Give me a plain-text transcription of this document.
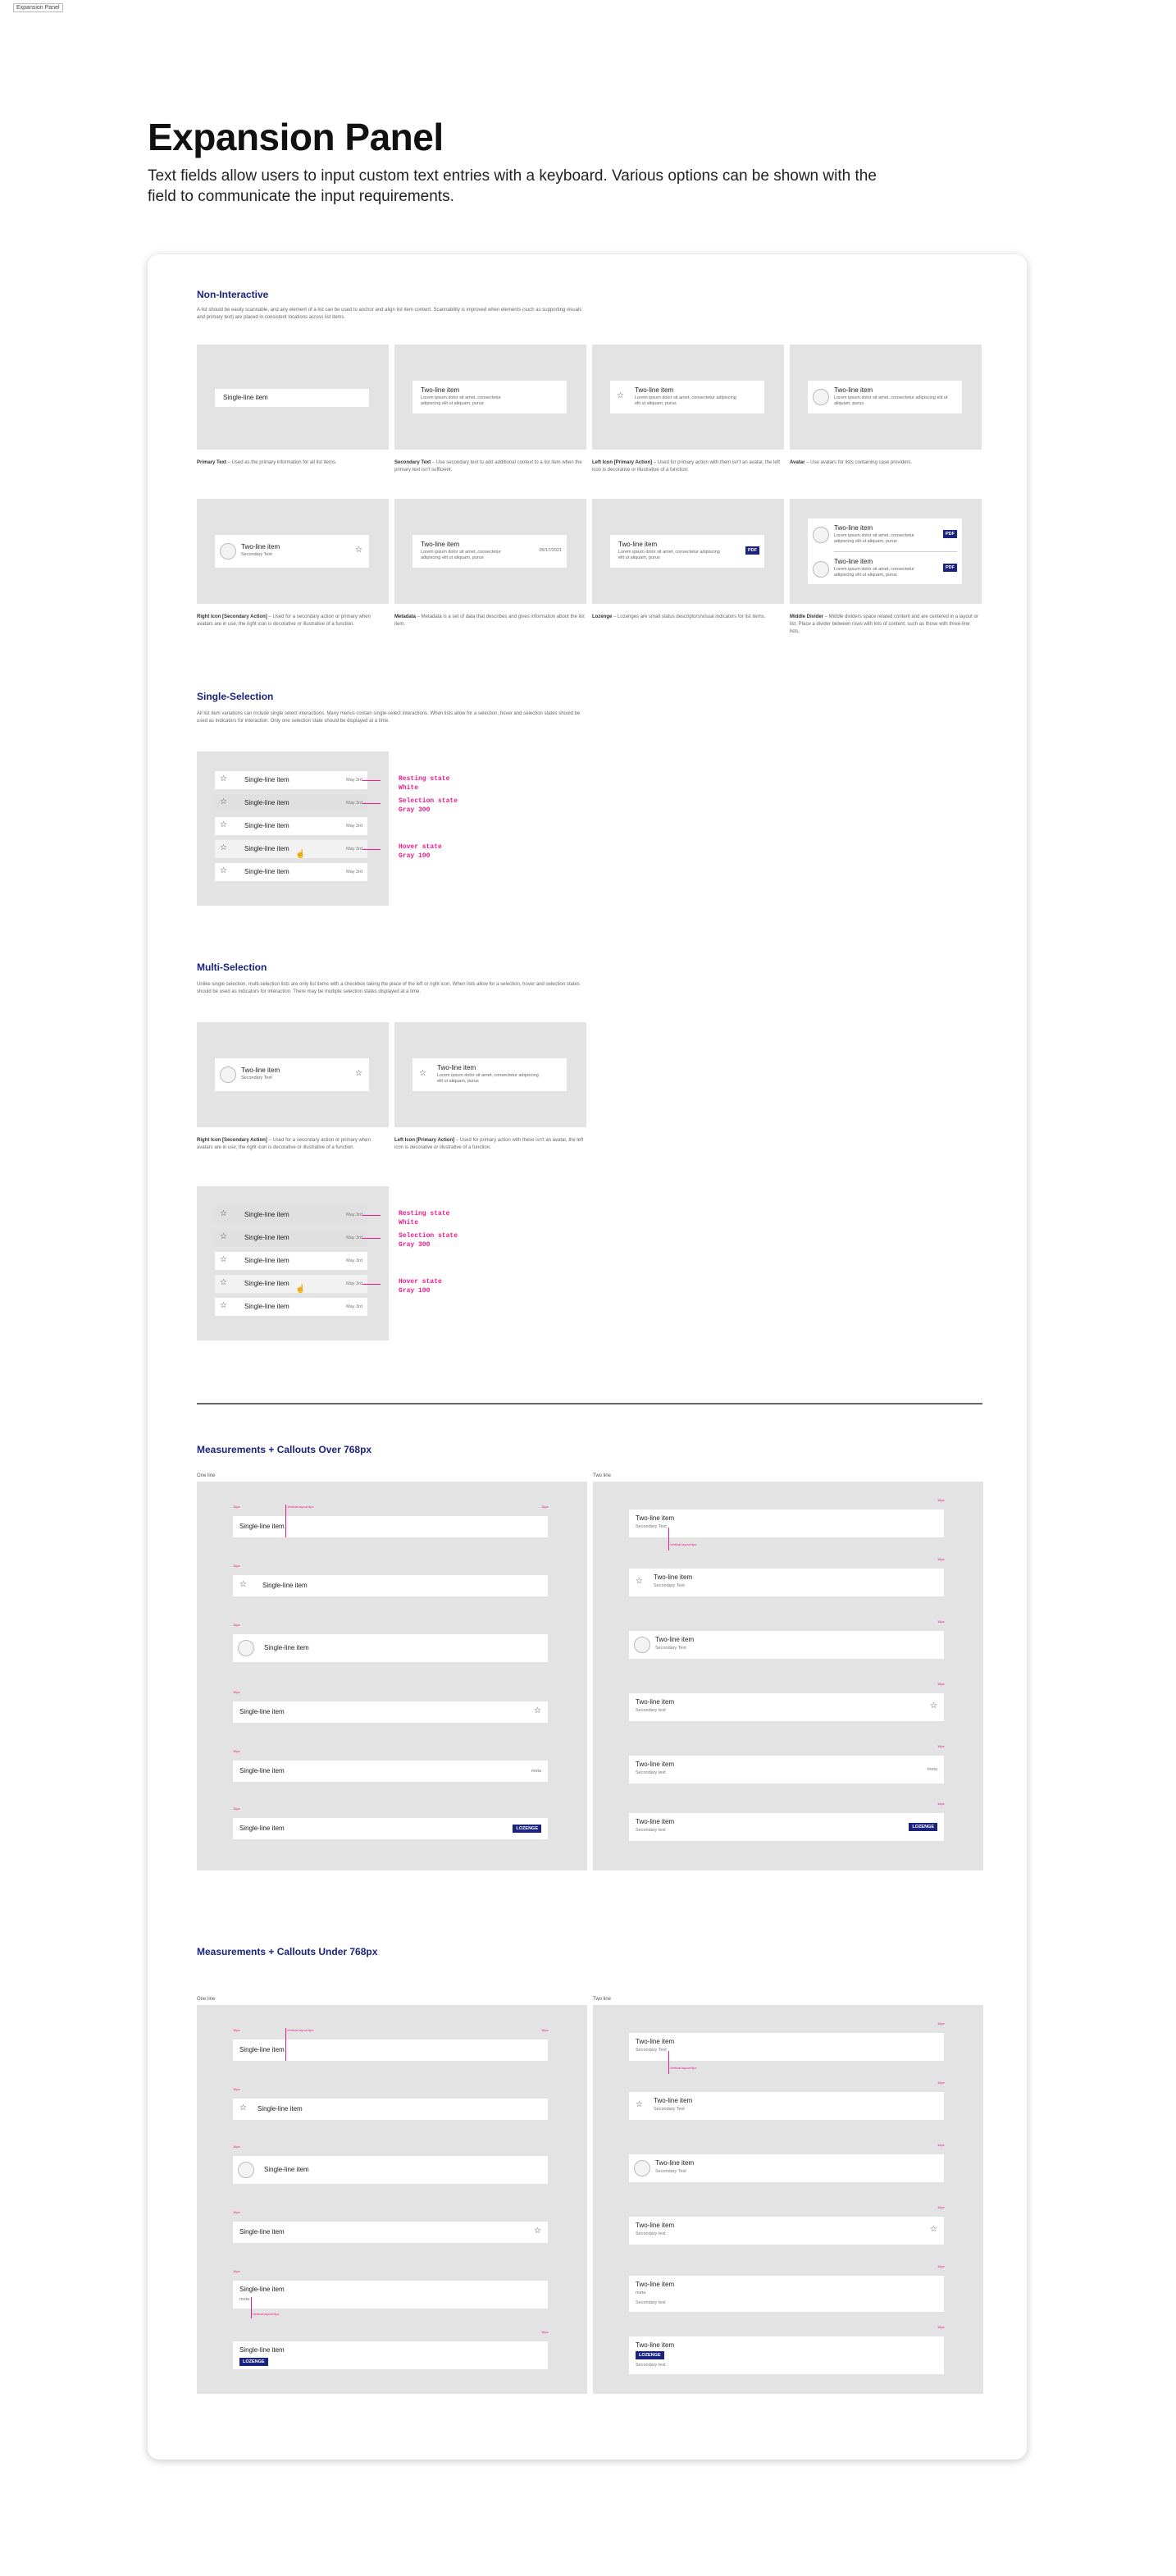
Expansion Panel
Expansion Panel
Text fields allow users to input custom text entries with a keyboard. Various options can be shown with the field to communicate the input requirements.
Non-Interactive
A list should be easily scannable, and any element of a list can be used to anchor and align list item content. Scannability is improved when elements (such as supporting visuals and primary text) are placed in consistent locations across list items.
Single-line item
Two-line item
Lorem ipsum dolor sit amet, consectetur adipiscing elit ut aliquam, purus
☆
Two-line item
Lorem ipsum dolor sit amet, consectetur adipiscing elit ut aliquam, purus
Two-line item
Lorem ipsum dolor sit amet, consectetur adipiscing elit ut aliquam, purus
Primary Text – Used as the primary information for all list items.	Secondary Text – Use secondary text to add additional context to a list item when the primary text isn't sufficient.
Left Icon [Primary Action] – Used for primary action with them isn't an avatar, the left icon is decorative or illustrative of a function.
Avatar – Use avatars for lists containing case providers.
Two-line item
Secondary Text	☆
Two-line item
Lorem ipsum dolor sit amet, consectetur adipiscing elit ut aliquam, purus
05/17/2021
Two-line item
Lorem ipsum dolor sit amet, consectetur adipiscing elit ut aliquam, purus
PDF
Two-line item
Lorem ipsum dolor sit amet, consectetur adipiscing elit ut aliquam, purus
PDF
Two-line item
Lorem ipsum dolor sit amet, consectetur adipiscing elit ut aliquam, purus
PDF
Right Icon [Secondary Action] – Used for a secondary action or primary when avatars are in use, the right icon is decorative or illustrative of a function.
Metadata – Metadata is a set of data that describes and gives information about the list item.
Lozenge – Lozenges are small status descriptors/visual indicators for list items.	Middle Divider – Middle dividers space related content and are centered in a layout or list. Place a divider between rows with lots of content, such as those with three-line lists.
Single-Selection
All list item variations can include single select interactions. Many menus contain single-select interactions. When lists allow for a selection, hover and selection states should be used as indicators for interaction. Only one selection state should be displayed at a time.
☆	Single-line item	May 3rd
☆	Single-line item	May 3rd
☆	Single-line item	May 3rd
☆	Single-line item	May 3rd
☝
☆	Single-line item	May 3rd
Resting state
White
Selection state
Gray 300
Hover state
Gray 100
Multi-Selection
Unlike single selection, multi-selection lists are only list items with a checkbox taking the place of the left or right icon. When lists allow for a selection, hover and selection states should be used as indicators for interaction. There may be multiple selection states displayed at a time.
Two-line item
Secondary Text	☆	☆
Two-line item
Lorem ipsum dolor sit amet, consectetur adipiscing elit ut aliquam, purus
Right Icon [Secondary Action] – Used for a secondary action or primary when avatars are in use, the right icon is decorative or illustrative of a function.
Left Icon [Primary Action] – Used for primary action with these isn't an avatar, the left icon is decorative or illustrative of a function.
☆	Single-line item	May 3rd
☆	Single-line item	May 3rd
☆	Single-line item	May 3rd
☆	Single-line item	May 3rd
☝
☆	Single-line item	May 3rd
Resting state
White
Selection state
Gray 300
Hover state
Gray 100
Measurements + Callouts Over 768px
One line	Two line
Single-line item
☆ Single-line item
Single-line item
Single-line item	☆
Single-line item	meta
Single-line item	LOZENGE
Vertical layout 8px
16px	16px
16px
16px
16px
16px
16px
Two-line item
Secondary Text
☆ Two-line item
Secondary Text
Two-line item
Secondary Text
Two-line item
Secondary text	☆
Two-line item
Secondary text
meta
Two-line item
Secondary text
LOZENGE
Vertical layout 8px
16px
16px
16px
16px
16px
16px
Measurements + Callouts Under 768px
One line	Two line
Single-line item
☆ Single-line item
Single-line item
Single-line item	☆
Single-line item
meta
Single-line item
LOZENGE
Vertical layout 8px
Vertical layout 8px
16px	16px
16px
16px
16px
16px
16px
Two-line item
Secondary Text
☆ Two-line item
Secondary Text
Two-line item
Secondary Text
Two-line item
Secondary text	☆
Two-line item
meta
Secondary text
Two-line item
LOZENGE
Secondary text
Vertical layout 8px
16px
16px
16px
16px
16px
16px
